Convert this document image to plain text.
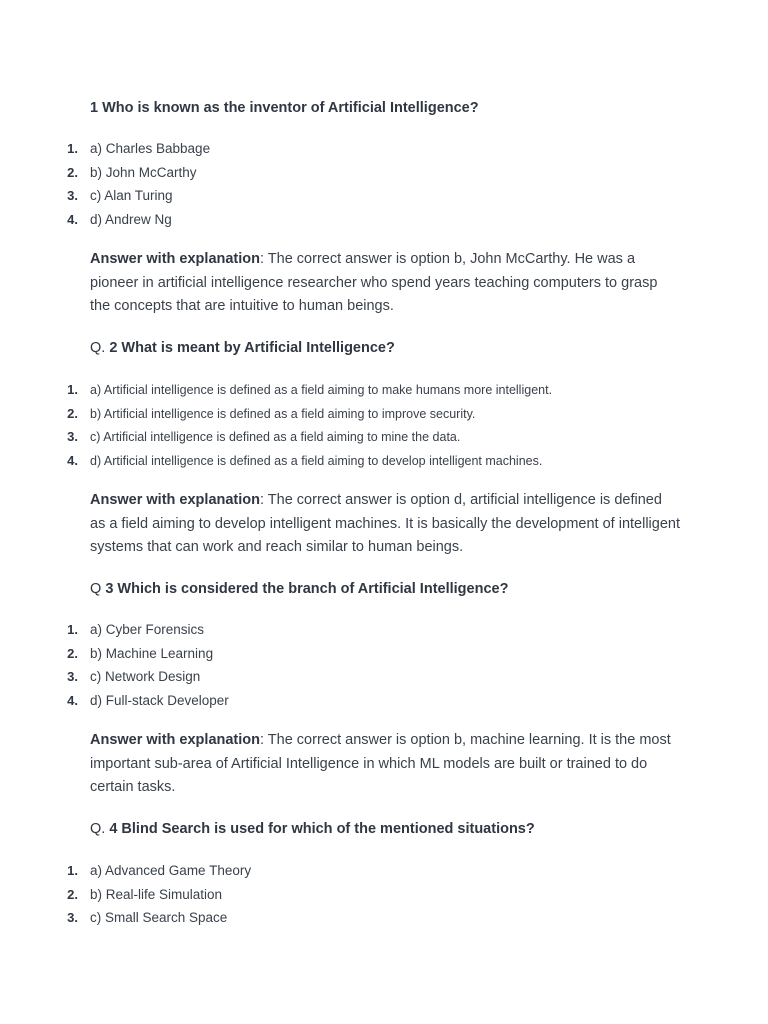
1 Who is known as the inventor of Artificial Intelligence?
1. a) Charles Babbage
2. b) John McCarthy
3. c) Alan Turing
4. d) Andrew Ng

Answer with explanation: The correct answer is option b, John McCarthy. He was a pioneer in artificial intelligence researcher who spend years teaching computers to grasp the concepts that are intuitive to human beings.

Q. 2 What is meant by Artificial Intelligence?
1. a) Artificial intelligence is defined as a field aiming to make humans more intelligent.
2. b) Artificial intelligence is defined as a field aiming to improve security.
3. c) Artificial intelligence is defined as a field aiming to mine the data.
4. d) Artificial intelligence is defined as a field aiming to develop intelligent machines.

Answer with explanation: The correct answer is option d, artificial intelligence is defined as a field aiming to develop intelligent machines. It is basically the development of intelligent systems that can work and reach similar to human beings.

Q 3 Which is considered the branch of Artificial Intelligence?
1. a) Cyber Forensics
2. b) Machine Learning
3. c) Network Design
4. d) Full-stack Developer

Answer with explanation: The correct answer is option b, machine learning. It is the most important sub-area of Artificial Intelligence in which ML models are built or trained to do certain tasks.

Q. 4 Blind Search is used for which of the mentioned situations?
1. a) Advanced Game Theory
2. b) Real-life Simulation
3. c) Small Search Space
